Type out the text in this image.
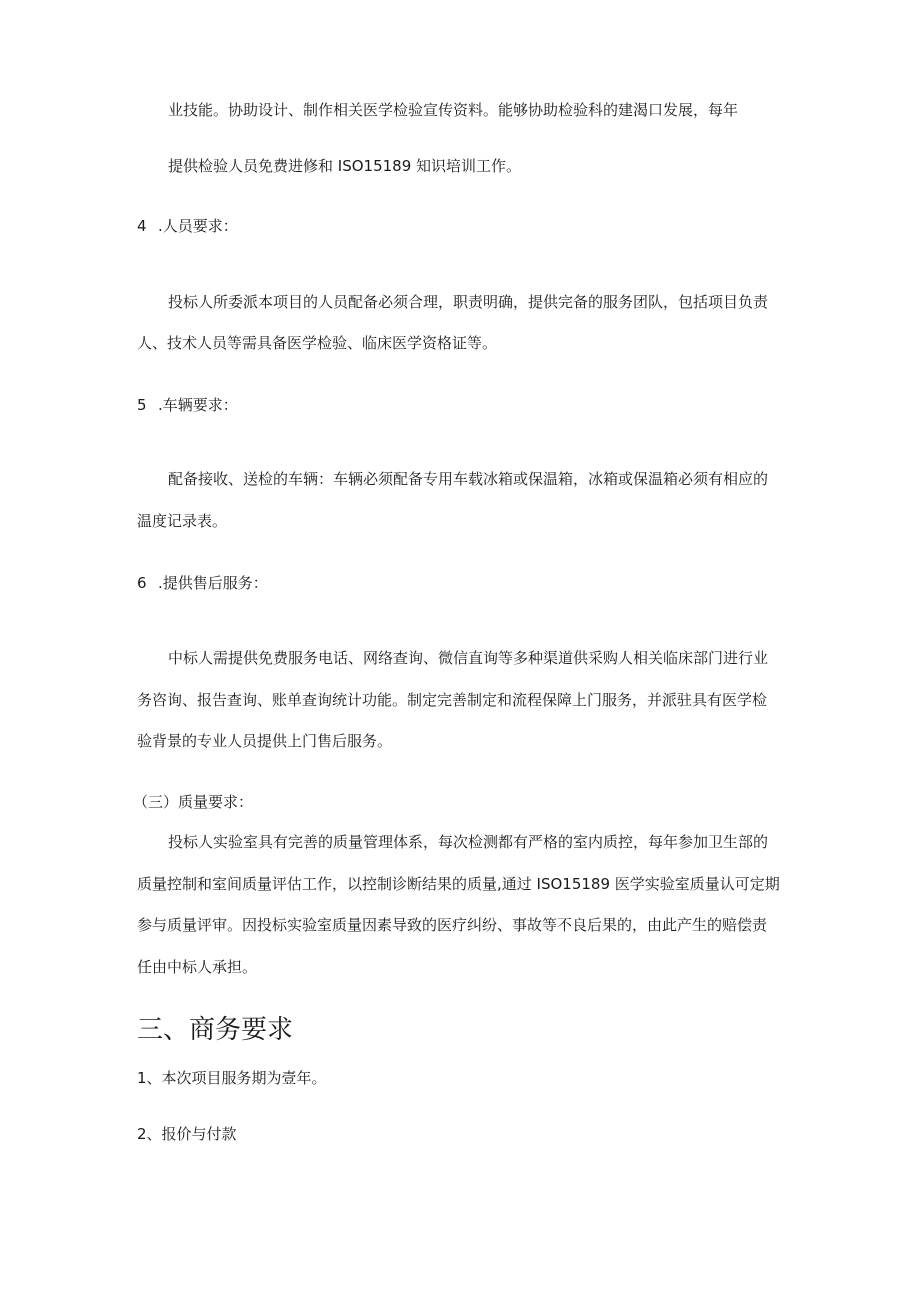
业技能。协助设计、制作相关医学检验宣传资料。能够协助检验科的建渴口发展，每年
提供检验人员免费进修和 ISO15189 知识培训工作。
4 .人员要求：
投标人所委派本项目的人员配备必须合理，职责明确，提供完备的服务团队，包括项目负责
人、技术人员等需具备医学检验、临床医学资格证等。
5 .车辆要求：
配备接收、送检的车辆：车辆必须配备专用车载冰箱或保温箱，冰箱或保温箱必须有相应的
温度记录表。
6 .提供售后服务：
中标人需提供免费服务电话、网络查询、微信直询等多种渠道供采购人相关临床部门进行业
务咨询、报告查询、账单查询统计功能。制定完善制定和流程保障上门服务，并派驻具有医学检
验背景的专业人员提供上门售后服务。
（三）质量要求：
投标人实验室具有完善的质量管理体系，每次检测都有严格的室内质控，每年参加卫生部的
质量控制和室间质量评估工作，以控制诊断结果的质量,通过 ISO15189 医学实验室质量认可定期
参与质量评审。因投标实验室质量因素导致的医疗纠纷、事故等不良后果的，由此产生的赔偿责
任由中标人承担。
三、商务要求
1、本次项目服务期为壹年。
2、报价与付款
